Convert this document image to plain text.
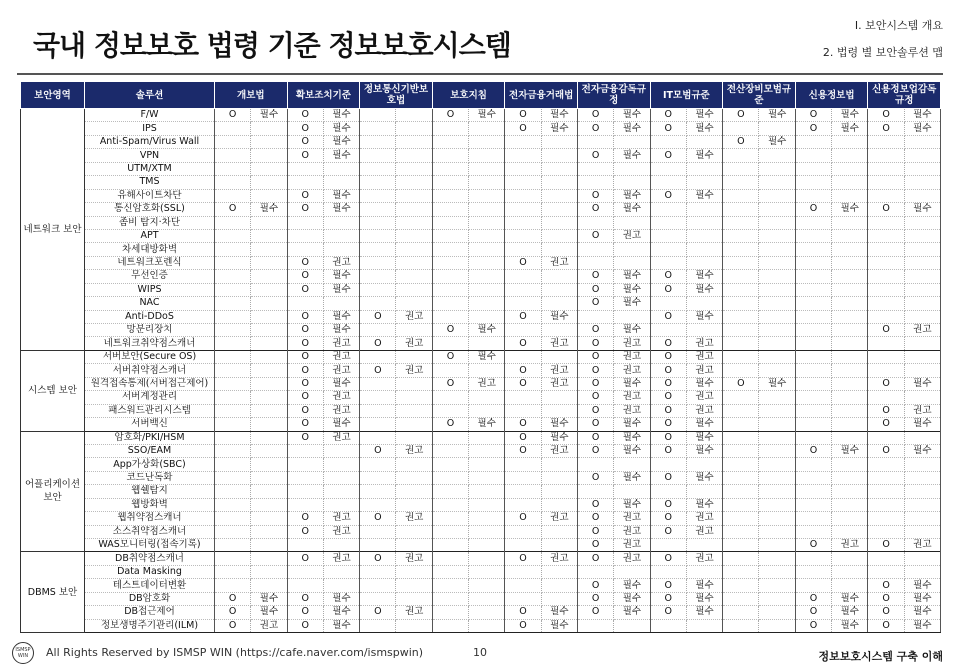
국내 정보보호 법령 기준 정보보호시스템
Ⅰ. 보안시스템 개요
2. 법령 별 보안솔루션 맵
보안영역	솔루션	개보법		확보조치기준		정보통신기반보호법		보호지침		전자금융거래법		전자금융감독규정		IT모범규준		전산장비모범규준		신용정보법		신용정보업감독규정	
네트워크 보안	F/W	O	필수	O	필수			O	필수	O	필수	O	필수	O	필수	O	필수	O	필수	O	필수
	IPS			O	필수					O	필수	O	필수	O	필수			O	필수	O	필수
	Anti-Spam/Virus Wall			O	필수											O	필수				
	VPN			O	필수							O	필수	O	필수						
	UTM/XTM																				
	TMS																				
	유해사이트차단			O	필수							O	필수	O	필수						
	통신암호화(SSL)	O	필수	O	필수							O	필수					O	필수	O	필수
	좀비 탐지·차단																				
	APT											O	권고								
	차세대방화벽																				
	네트워크포렌식			O	권고					O	권고										
	무선인증			O	필수							O	필수	O	필수						
	WIPS			O	필수							O	필수	O	필수						
	NAC											O	필수								
	Anti-DDoS			O	필수	O	권고			O	필수			O	필수						
	망분리장치			O	필수			O	필수			O	필수							O	권고
	네트워크취약점스캐너			O	권고	O	권고			O	권고	O	권고	O	권고						
시스템 보안	서버보안(Secure OS)			O	권고			O	필수			O	권고	O	권고						
	서버취약점스캐너			O	권고	O	권고			O	권고	O	권고	O	권고						
	원격접속통제(서버접근제어)			O	필수			O	권고	O	권고	O	필수	O	필수	O	필수			O	필수
	서버계정관리			O	권고							O	권고	O	권고						
	패스워드관리시스템			O	권고							O	권고	O	권고					O	권고
	서버백신			O	필수			O	필수	O	필수	O	필수	O	필수					O	필수
어플리케이션 보안	암호화/PKI/HSM			O	권고					O	필수	O	필수	O	필수						
	SSO/EAM					O	권고			O	권고	O	필수	O	필수			O	필수	O	필수
	App가상화(SBC)																				
	코드난독화											O	필수	O	필수						
	웹쉘탐지																				
	웹방화벽											O	필수	O	필수						
	웹취약점스캐너			O	권고	O	권고			O	권고	O	권고	O	권고						
	소스취약점스캐너			O	권고							O	권고	O	권고						
	WAS모니터링(접속기록)											O	권고					O	권고	O	권고
DBMS 보안	DB취약점스캐너			O	권고	O	권고			O	권고	O	권고	O	권고						
	Data Masking																				
	테스트데이터변환											O	필수	O	필수					O	필수
	DB암호화	O	필수	O	필수							O	필수	O	필수			O	필수	O	필수
	DB접근제어	O	필수	O	필수	O	권고			O	필수	O	필수	O	필수			O	필수	O	필수
	정보생명주기관리(ILM)	O	권고	O	필수					O	필수							O	필수	O	필수
ISMSP WIN	All Rights Reserved by ISMSP WIN (https://cafe.naver.com/ismspwin)	10	정보보호시스템 구축 이해
